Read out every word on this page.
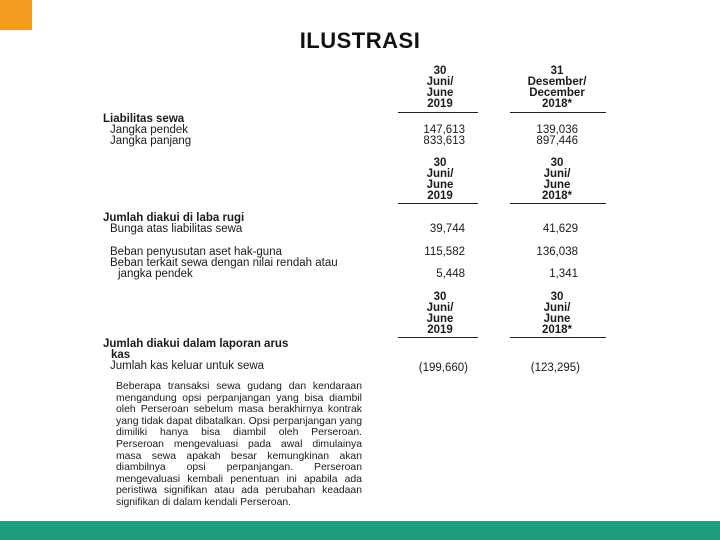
ILUSTRASI
30
Juni/
June
2019
31
Desember/
December
2018*
Liabilitas sewa
Jangka pendek	147,613	139,036
Jangka panjang	833,613	897,446
30
Juni/
June
2019
30
Juni/
June
2018*
Jumlah diakui di laba rugi
Bunga atas liabilitas sewa	39,744	41,629
Beban penyusutan aset hak-guna	115,582	136,038
Beban terkait sewa dengan nilai rendah atau
jangka pendek	5,448	1,341
30
Juni/
June
2019
30
Juni/
June
2018*
Jumlah diakui dalam laporan arus
kas
Jumlah kas keluar untuk sewa	(199,660)	(123,295)
Beberapa transaksi sewa gudang dan kendaraan mengandung opsi perpanjangan yang bisa diambil oleh Perseroan sebelum masa berakhirnya kontrak yang tidak dapat dibatalkan. Opsi perpanjangan yang dimiliki hanya bisa diambil oleh Perseroan. Perseroan mengevaluasi pada awal dimulainya masa sewa apakah besar kemungkinan akan diambilnya opsi perpanjangan. Perseroan mengevaluasi kembali penentuan ini apabila ada peristiwa signifikan atau ada perubahan keadaan signifikan di dalam kendali Perseroan.
